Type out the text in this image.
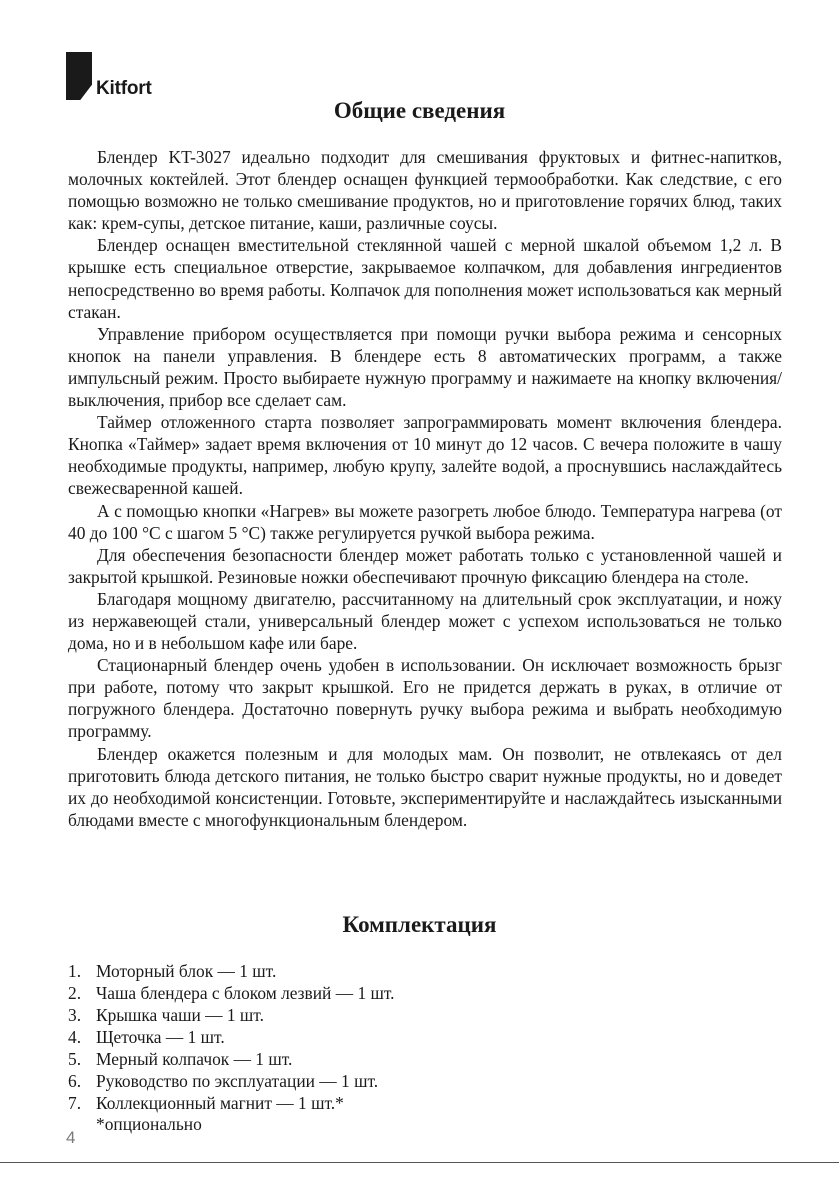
Kitfort
Общие сведения

Блендер KT-3027 идеально подходит для смешивания фруктовых и фитнес-напитков, молочных коктейлей. Этот блендер оснащен функцией термообработки. Как следствие, с его помощью возможно не только смешивание продуктов, но и приготовление горячих блюд, таких как: крем-супы, детское питание, каши, различные соусы.

Блендер оснащен вместительной стеклянной чашей с мерной шкалой объемом 1,2 л. В крышке есть специальное отверстие, закрываемое колпачком, для добавления ингредиентов непосредственно во время работы. Колпачок для пополнения может использоваться как мерный стакан.

Управление прибором осуществляется при помощи ручки выбора режима и сенсорных кнопок на панели управления. В блендере есть 8 автоматических программ, а также импульсный режим. Просто выбираете нужную программу и нажимаете на кнопку включения/выключения, прибор все сделает сам.

Таймер отложенного старта позволяет запрограммировать момент включения блендера. Кнопка «Таймер» задает время включения от 10 минут до 12 часов. С вечера положите в чашу необходимые продукты, например, любую крупу, залейте водой, а проснувшись наслаждайтесь свежесваренной кашей.

А с помощью кнопки «Нагрев» вы можете разогреть любое блюдо. Температура нагрева (от 40 до 100 °С с шагом 5 °С) также регулируется ручкой выбора режима.

Для обеспечения безопасности блендер может работать только с установленной чашей и закрытой крышкой. Резиновые ножки обеспечивают прочную фиксацию блендера на столе.

Благодаря мощному двигателю, рассчитанному на длительный срок эксплуатации, и ножу из нержавеющей стали, универсальный блендер может с успехом использоваться не только дома, но и в небольшом кафе или баре.

Стационарный блендер очень удобен в использовании. Он исключает возможность брызг при работе, потому что закрыт крышкой. Его не придется держать в руках, в отличие от погружного блендера. Достаточно повернуть ручку выбора режима и выбрать необходимую программу.

Блендер окажется полезным и для молодых мам. Он позволит, не отвлекаясь от дел приготовить блюда детского питания, не только быстро сварит нужные продукты, но и доведет их до необходимой консистенции. Готовьте, экспериментируйте и наслаждайтесь изысканными блюдами вместе с многофункциональным блендером.

Комплектация
1. Моторный блок — 1 шт.
2. Чаша блендера с блоком лезвий — 1 шт.
3. Крышка чаши — 1 шт.
4. Щеточка — 1 шт.
5. Мерный колпачок — 1 шт.
6. Руководство по эксплуатации — 1 шт.
7. Коллекционный магнит — 1 шт.*
*опционально
4
